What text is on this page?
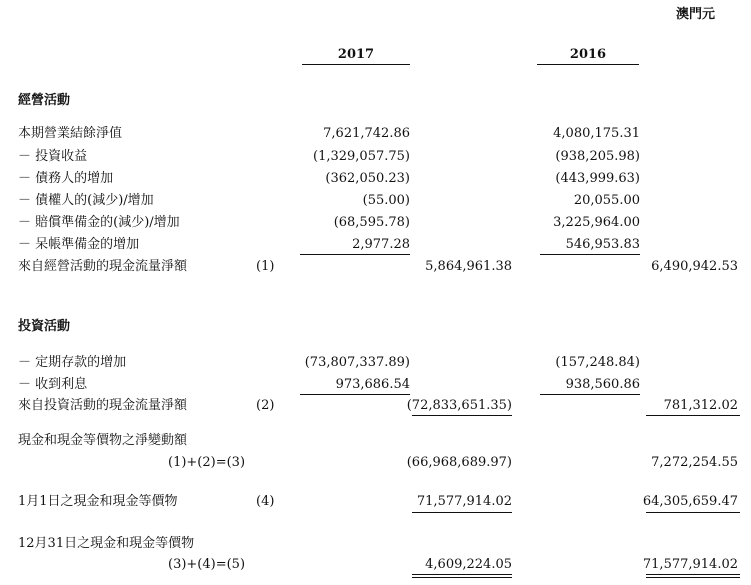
澳門元
2017	2016
經營活動
本期營業結餘淨值	7,621,742.86	4,080,175.31
－ 投資收益	(1,329,057.75)	(938,205.98)
－ 債務人的增加	(362,050.23)	(443,999.63)
－ 債權人的(減少)/增加	(55.00)	20,055.00
－ 賠償準備金的(減少)/增加	(68,595.78)	3,225,964.00
－ 呆帳準備金的增加	2,977.28	546,953.83
來自經營活動的現金流量淨額	(1)	5,864,961.38	6,490,942.53
投資活動
－ 定期存款的增加	(73,807,337.89)	(157,248.84)
－ 收到利息	973,686.54	938,560.86
來自投資活動的現金流量淨額	(2)	(72,833,651.35)	781,312.02
現金和現金等價物之淨變動額
(1)+(2)=(3)	(66,968,689.97)	7,272,254.55
1月1日之現金和現金等價物	(4)	71,577,914.02	64,305,659.47
12月31日之現金和現金等價物
(3)+(4)=(5)	4,609,224.05	71,577,914.02
